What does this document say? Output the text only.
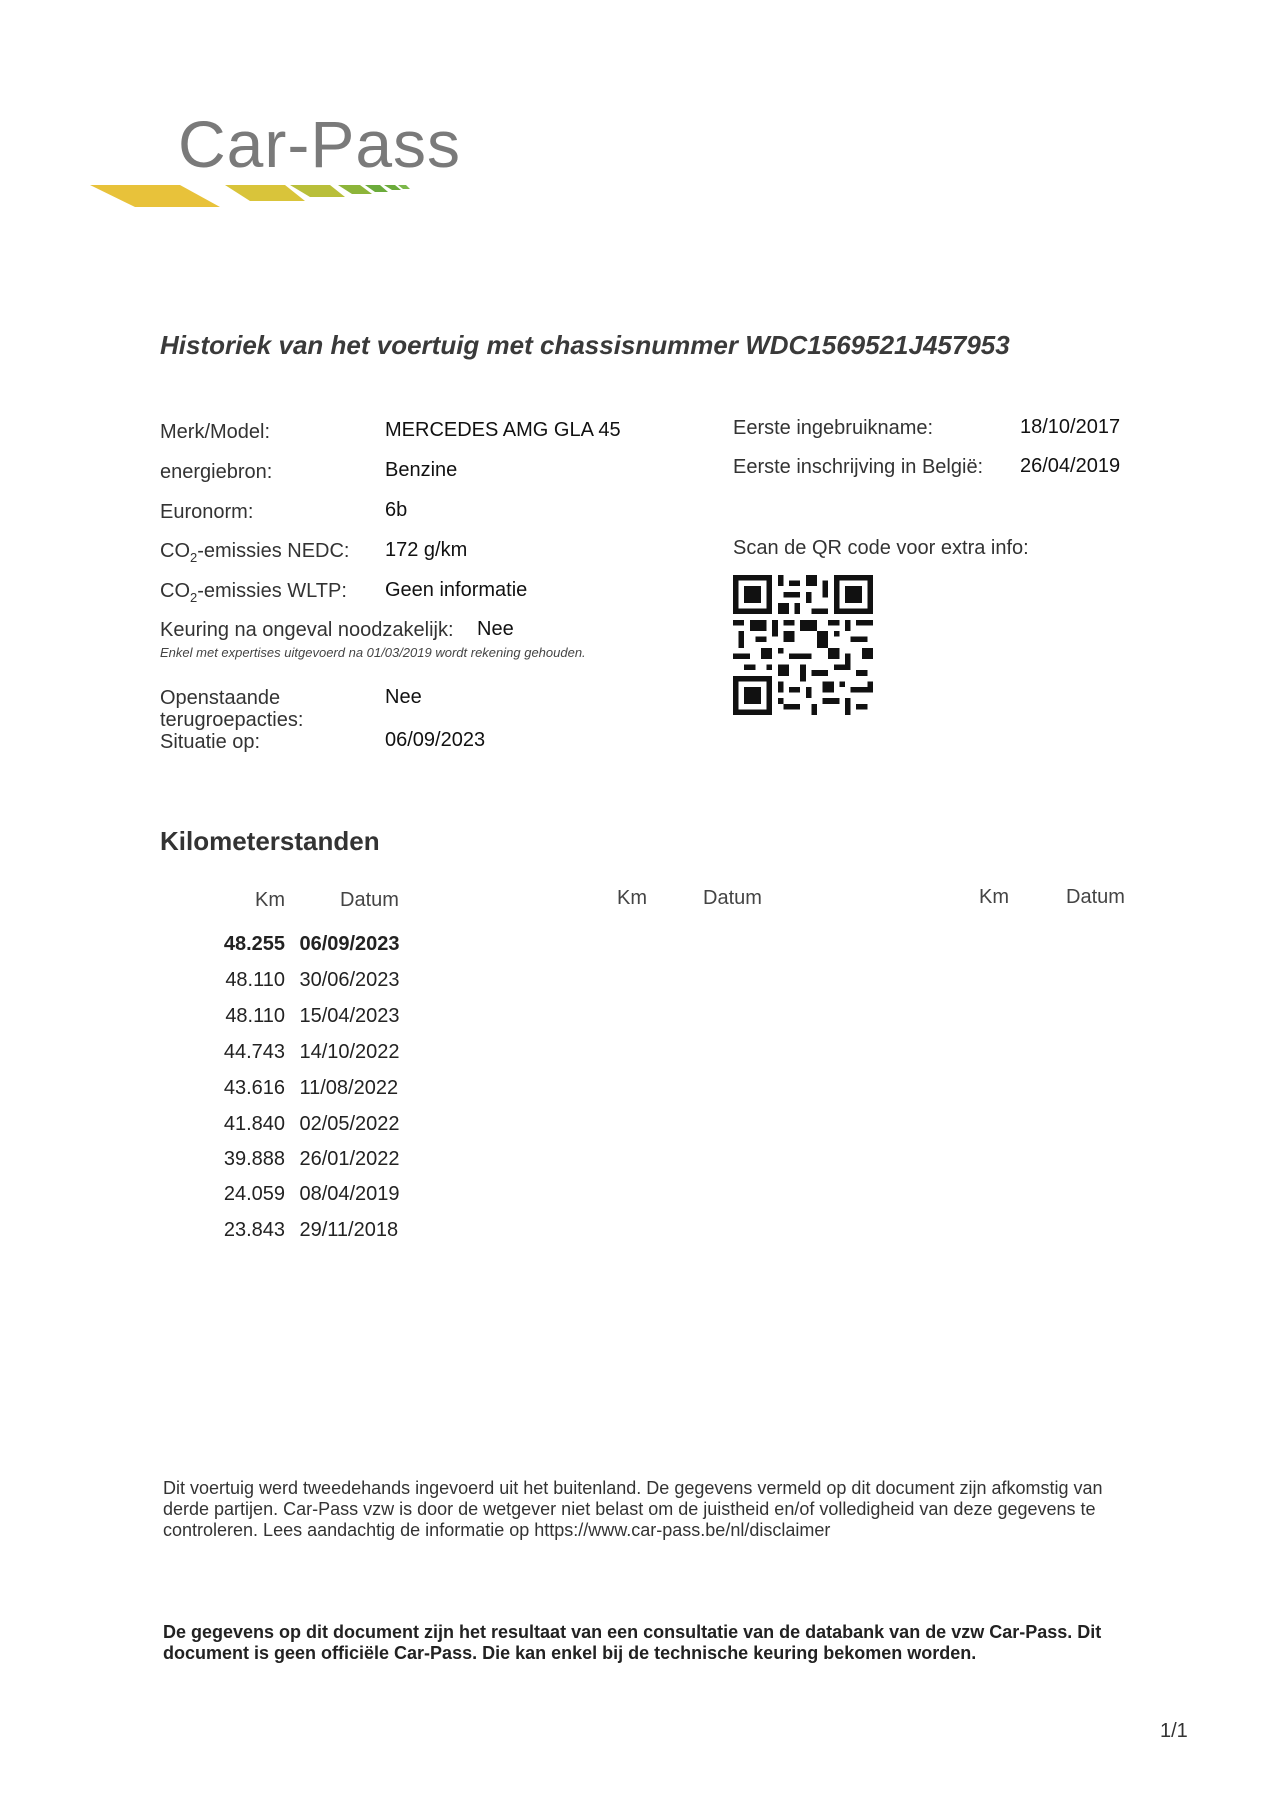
Car-Pass
Historiek van het voertuig met chassisnummer WDC1569521J457953
Merk/Model:	MERCEDES AMG GLA 45
energiebron:	Benzine
Euronorm:	6b
$CO_2$-emissies NEDC: 172 g/km
$CO_2$-emissies WLTP: Geen informatie
Keuring na ongeval noodzakelijk: Nee
Enkel met expertises uitgevoerd na 01/03/2019 wordt rekening gehouden.
Openstaande
terugroepacties:
Nee
Situatie op:	06/09/2023
Eerste ingebruikname:	18/10/2017
Eerste inschrijving in België: 26/04/2019
Scan de QR code voor extra info:
Kilometerstanden
Km	Datum	Km	Datum	Km	Datum
48.255 06/09/2023
48.110 30/06/2023
48.110 15/04/2023
44.743 14/10/2022
43.616 11/08/2022
41.840 02/05/2022
39.888 26/01/2022
24.059 08/04/2019
23.843 29/11/2018
Dit voertuig werd tweedehands ingevoerd uit het buitenland. De gegevens vermeld op dit document zijn afkomstig van derde partijen. Car-Pass vzw is door de wetgever niet belast om de juistheid en/of volledigheid van deze gegevens te controleren. Lees aandachtig de informatie op https://www.car-pass.be/nl/disclaimer
De gegevens op dit document zijn het resultaat van een consultatie van de databank van de vzw Car-Pass. Dit document is geen officiële Car-Pass. Die kan enkel bij de technische keuring bekomen worden.
1/1
